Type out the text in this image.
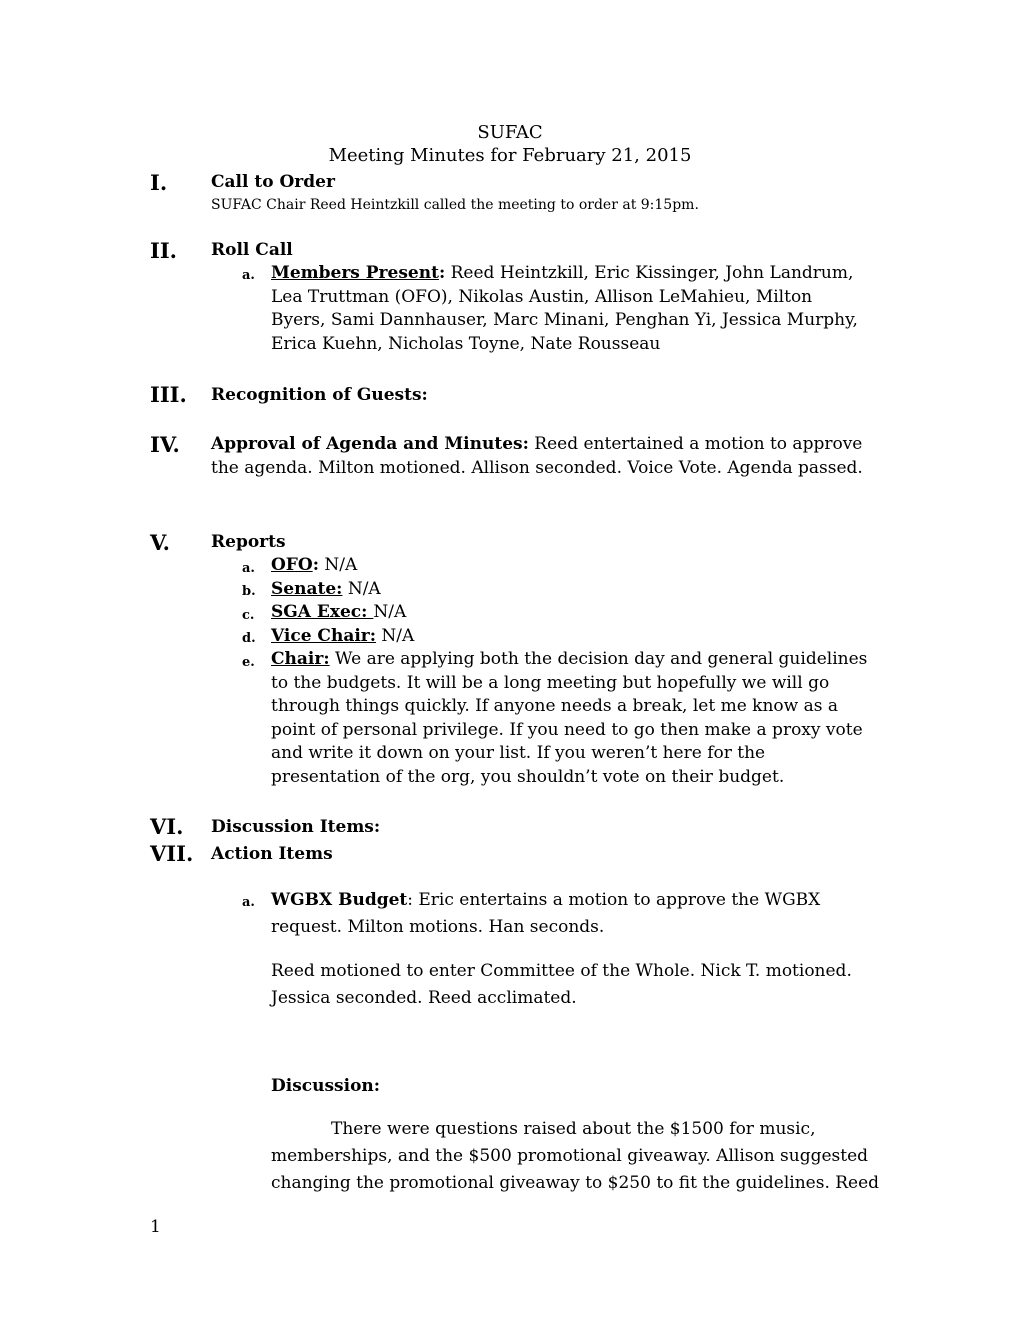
SUFAC

Meeting Minutes for February 21, 2015

I.	Call to Order

SUFAC Chair Reed Heintzkill called the meeting to order at 9:15pm.

II. Roll Call

a. Members Present: Reed Heintzkill, Eric Kissinger, John Landrum, Lea Truttman (OFO), Nikolas Austin, Allison LeMahieu, Milton Byers, Sami Dannhauser, Marc Minani, Penghan Yi, Jessica Murphy, Erica Kuehn, Nicholas Toyne, Nate Rousseau

III. Recognition of Guests:

IV. Approval of Agenda and Minutes: Reed entertained a motion to approve the agenda. Milton motioned. Allison seconded. Voice Vote. Agenda passed.

V. Reports

a. OFO: N/A

b. Senate: N/A

c. SGA Exec: N/A

d. Vice Chair: N/A

e. Chair: We are applying both the decision day and general guidelines to the budgets. It will be a long meeting but hopefully we will go through things quickly. If anyone needs a break, let me know as a point of personal privilege. If you need to go then make a proxy vote and write it down on your list. If you weren’t here for the presentation of the org, you shouldn’t vote on their budget.

VI. Discussion Items:

VII. Action Items

a. WGBX Budget: Eric entertains a motion to approve the WGBX request. Milton motions. Han seconds.

Reed motioned to enter Committee of the Whole. Nick T. motioned. Jessica seconded. Reed acclimated.

Discussion:

There were questions raised about the $1500 for music, memberships, and the $500 promotional giveaway. Allison suggested changing the promotional giveaway to $250 to fit the guidelines. Reed

1
